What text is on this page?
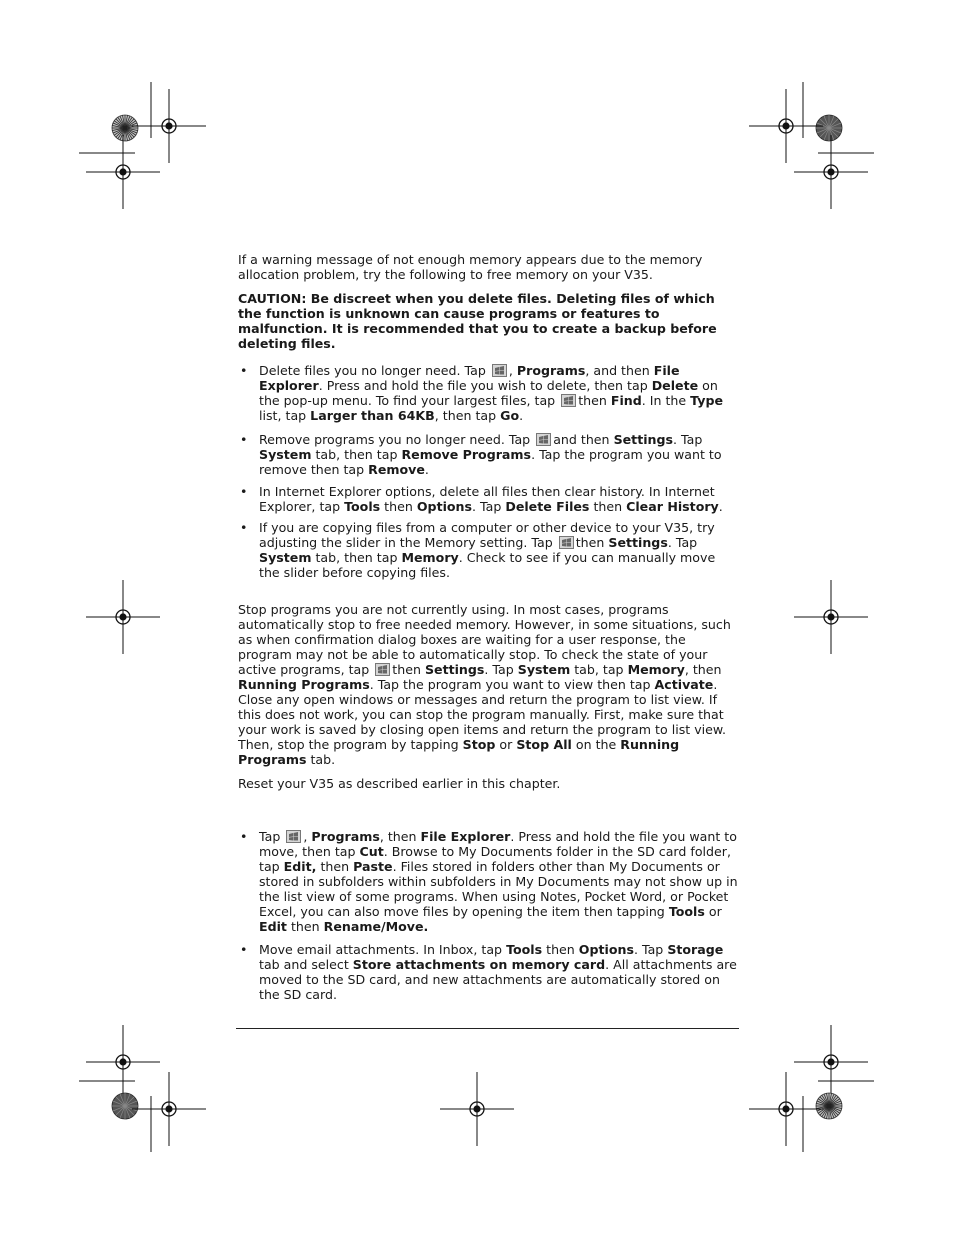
If a warning message of not enough memory appears due to the memory allocation problem, try the following to free memory on your V35.

CAUTION: Be discreet when you delete files. Deleting files of which the function is unknown can cause programs or features to malfunction. It is recommended that you to create a backup before deleting files.

• Delete files you no longer need. Tap , Programs, and then File Explorer. Press and hold the file you wish to delete, then tap Delete on the pop-up menu. To find your largest files, tap then Find. In the Type list, tap Larger than 64KB, then tap Go.
• Remove programs you no longer need. Tap and then Settings. Tap System tab, then tap Remove Programs. Tap the program you want to remove then tap Remove.
• In Internet Explorer options, delete all files then clear history. In Internet Explorer, tap Tools then Options. Tap Delete Files then Clear History.
• If you are copying files from a computer or other device to your V35, try adjusting the slider in the Memory setting. Tap then Settings. Tap System tab, then tap Memory. Check to see if you can manually move the slider before copying files.

Stop programs you are not currently using. In most cases, programs automatically stop to free needed memory. However, in some situations, such as when confirmation dialog boxes are waiting for a user response, the program may not be able to automatically stop. To check the state of your active programs, tap then Settings. Tap System tab, tap Memory, then Running Programs. Tap the program you want to view then tap Activate. Close any open windows or messages and return the program to list view. If this does not work, you can stop the program manually. First, make sure that your work is saved by closing open items and return the program to list view. Then, stop the program by tapping Stop or Stop All on the Running Programs tab.

Reset your V35 as described earlier in this chapter.

• Tap , Programs, then File Explorer. Press and hold the file you want to move, then tap Cut. Browse to My Documents folder in the SD card folder, tap Edit, then Paste. Files stored in folders other than My Documents or stored in subfolders within subfolders in My Documents may not show up in the list view of some programs. When using Notes, Pocket Word, or Pocket Excel, you can also move files by opening the item then tapping Tools or Edit then Rename/Move.
• Move email attachments. In Inbox, tap Tools then Options. Tap Storage tab and select Store attachments on memory card. All attachments are moved to the SD card, and new attachments are automatically stored on the SD card.
